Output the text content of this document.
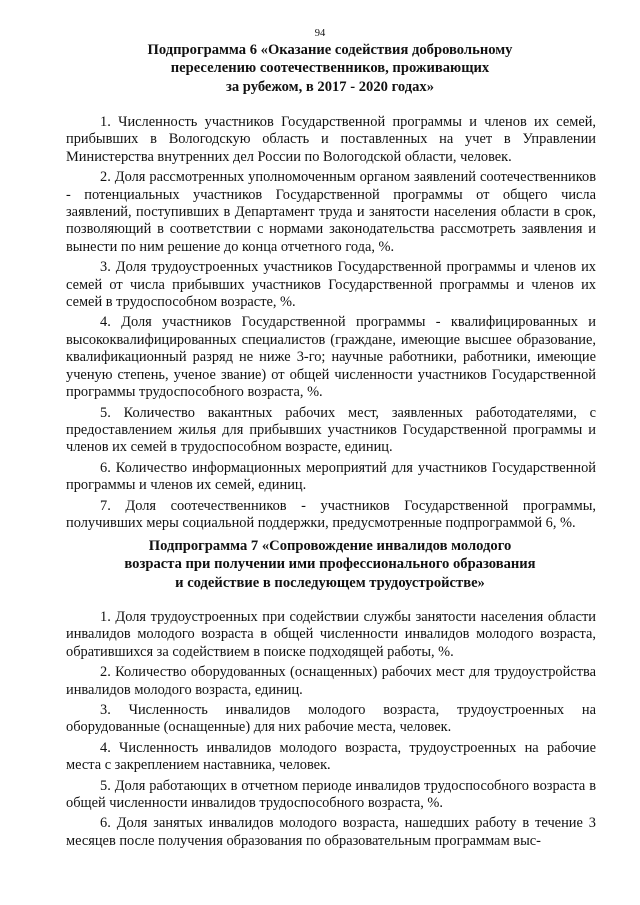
94
Подпрограмма 6 «Оказание содействия добровольному
переселению соотечественников, проживающих
за рубежом, в 2017 - 2020 годах»
1. Численность участников Государственной программы и членов их семей, прибывших в Вологодскую область и поставленных на учет в Управлении Министерства внутренних дел России по Вологодской области, человек.
2. Доля рассмотренных уполномоченным органом заявлений соотечественников - потенциальных участников Государственной программы от общего числа заявлений, поступивших в Департамент труда и занятости населения области в срок, позволяющий в соответствии с нормами законодательства рассмотреть заявления и вынести по ним решение до конца отчетного года, %.
3. Доля трудоустроенных участников Государственной программы и членов их семей от числа прибывших участников Государственной программы и членов их семей в трудоспособном возрасте, %.
4. Доля участников Государственной программы - квалифицированных и высококвалифицированных специалистов (граждане, имеющие высшее образование, квалификационный разряд не ниже 3-го; научные работники, работники, имеющие ученую степень, ученое звание) от общей численности участников Государственной программы трудоспособного возраста, %.
5. Количество вакантных рабочих мест, заявленных работодателями, с предоставлением жилья для прибывших участников Государственной программы и членов их семей в трудоспособном возрасте, единиц.
6. Количество информационных мероприятий для участников Государственной программы и членов их семей, единиц.
7. Доля соотечественников - участников Государственной программы, получивших меры социальной поддержки, предусмотренные подпрограммой 6, %.
Подпрограмма 7 «Сопровождение инвалидов молодого
возраста при получении ими профессионального образования
и содействие в последующем трудоустройстве»
1. Доля трудоустроенных при содействии службы занятости населения области инвалидов молодого возраста в общей численности инвалидов молодого возраста, обратившихся за содействием в поиске подходящей работы, %.
2. Количество оборудованных (оснащенных) рабочих мест для трудоустройства инвалидов молодого возраста, единиц.
3. Численность инвалидов молодого возраста, трудоустроенных на оборудованные (оснащенные) для них рабочие места, человек.
4. Численность инвалидов молодого возраста, трудоустроенных на рабочие места с закреплением наставника, человек.
5. Доля работающих в отчетном периоде инвалидов трудоспособного возраста в общей численности инвалидов трудоспособного возраста, %.
6. Доля занятых инвалидов молодого возраста, нашедших работу в течение 3 месяцев после получения образования по образовательным программам выс-
